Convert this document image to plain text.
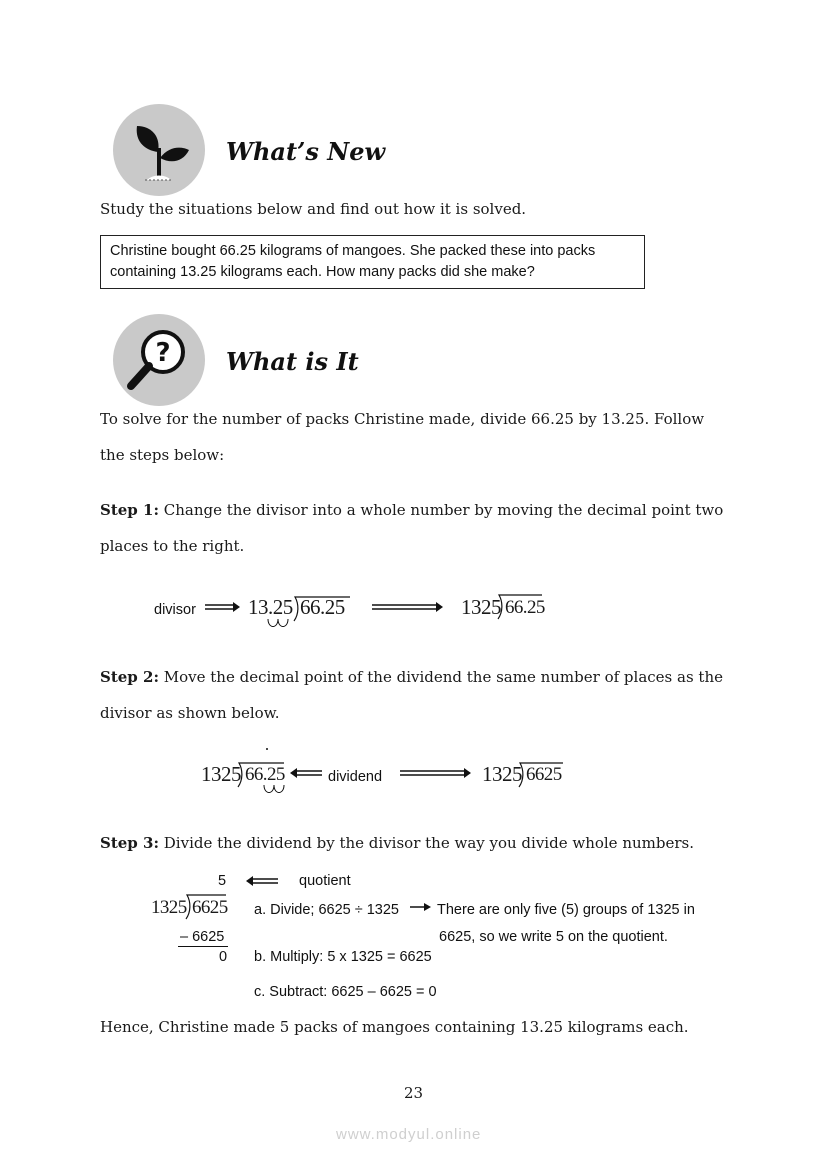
What’s New
Study the situations below and find out how it is solved.
Christine bought 66.25 kilograms of mangoes. She packed these into packs
containing 13.25 kilograms each. How many packs did she make?
? What is It
To solve for the number of packs Christine made, divide 66.25 by 13.25. Follow
the steps below:
Step 1: Change the divisor into a whole number by moving the decimal point two
places to the right.
divisor 13.25 66.25	1325 66.25
Step 2: Move the decimal point of the dividend the same number of places as the
divisor as shown below.
1325 66.25	dividend	1325 6625
Step 3: Divide the dividend by the divisor the way you divide whole numbers.
5	quotient
1325 6625 a. Divide; 6625 ÷ 1325	There are only five (5) groups of 1325 in
6625, so we write 5 on the quotient.
– 6625
0 b. Multiply: 5 x 1325 = 6625
c. Subtract: 6625 – 6625 = 0
Hence, Christine made 5 packs of mangoes containing 13.25 kilograms each.
23
www.modyul.online
